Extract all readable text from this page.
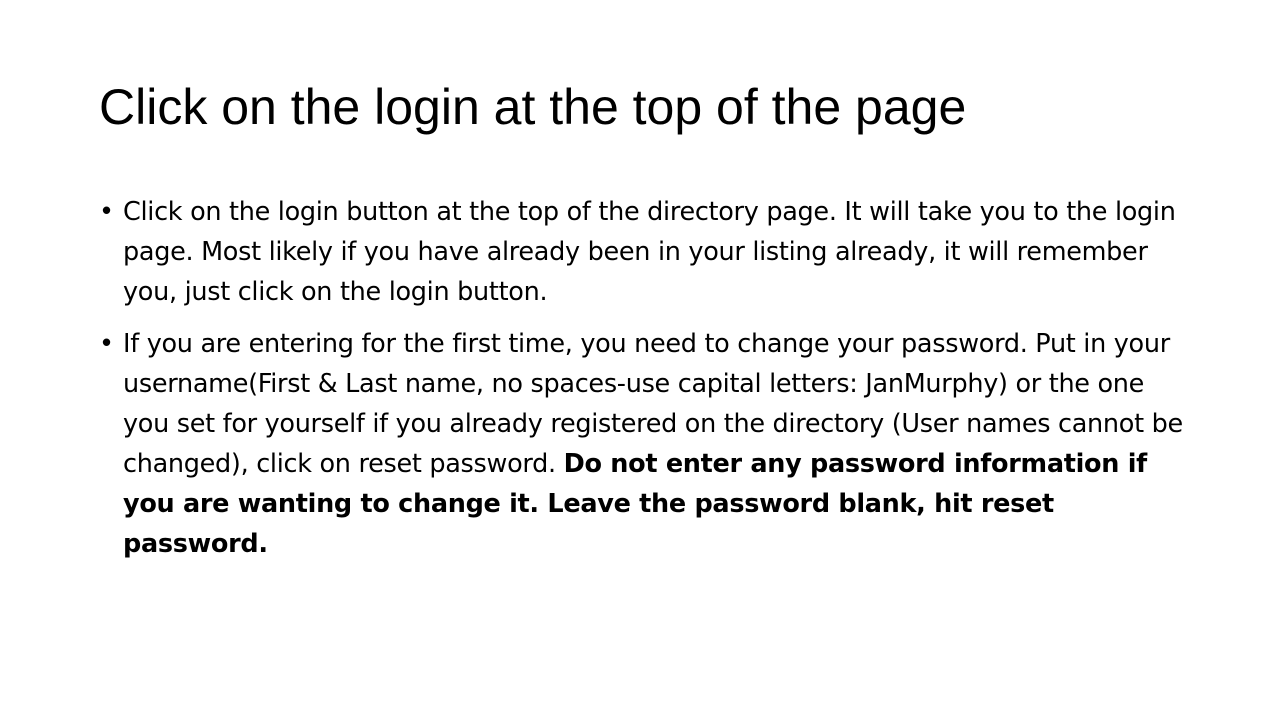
Click on the login at the top of the page
• Click on the login button at the top of the directory page. It will take you to the login page. Most likely if you have already been in your listing already, it will remember you, just click on the login button.
• If you are entering for the first time, you need to change your password. Put in your username(First & Last name, no spaces-use capital letters: JanMurphy) or the one you set for yourself if you already registered on the directory (User names cannot be changed), click on reset password. Do not enter any password information if you are wanting to change it. Leave the password blank, hit reset password.
